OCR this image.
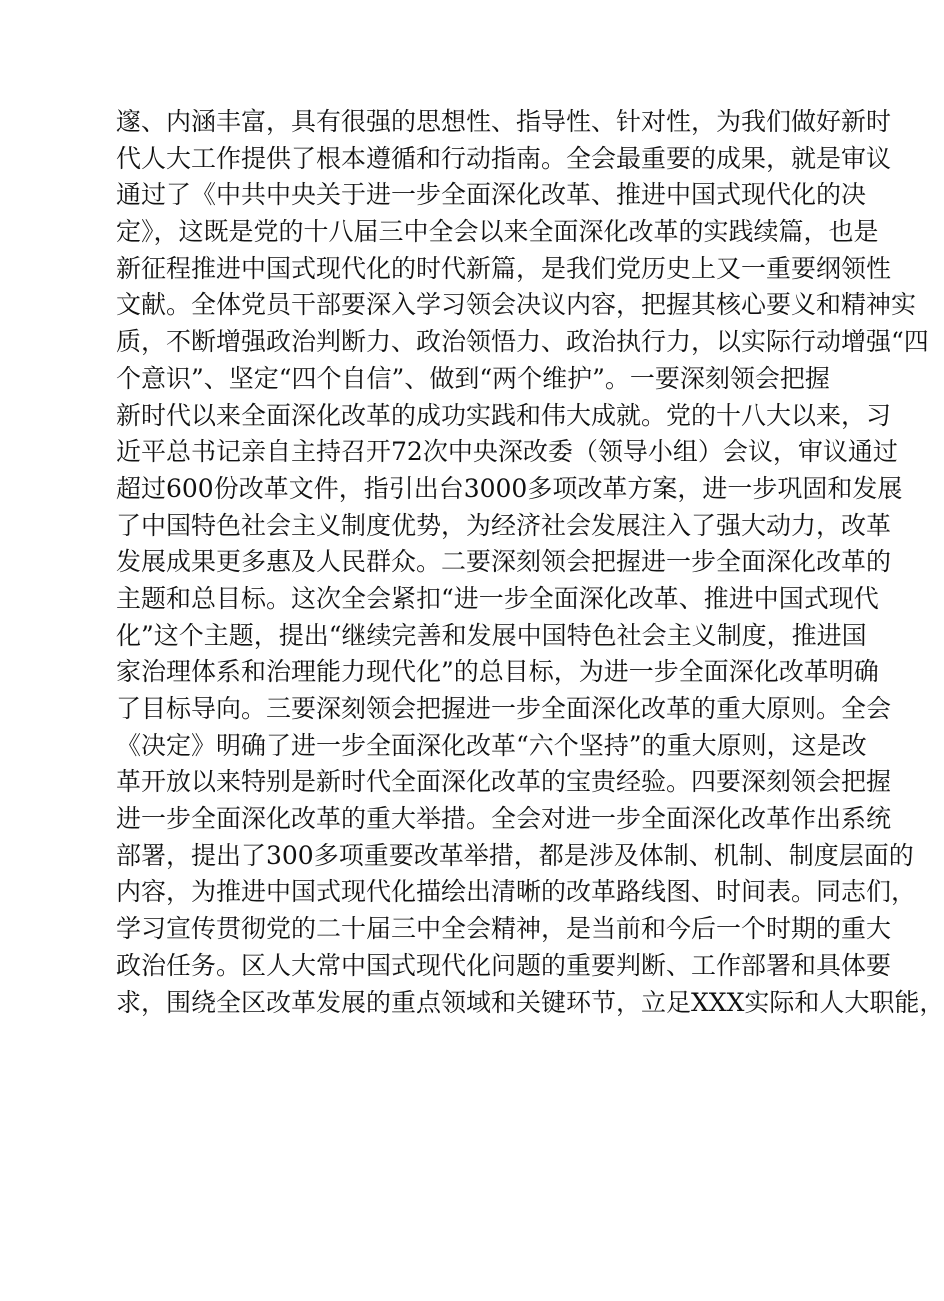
邃、内涵丰富，具有很强的思想性、指导性、针对性，为我们做好新时
代人大工作提供了根本遵循和行动指南。全会最重要的成果，就是审议
通过了《中共中央关于进一步全面深化改革、推进中国式现代化的决
定》，这既是党的十八届三中全会以来全面深化改革的实践续篇，也是
新征程推进中国式现代化的时代新篇，是我们党历史上又一重要纲领性
文献。全体党员干部要深入学习领会决议内容，把握其核心要义和精神实
质，不断增强政治判断力、政治领悟力、政治执行力，以实际行动增强“四
个意识”、坚定“四个自信”、做到“两个维护”。一要深刻领会把握
新时代以来全面深化改革的成功实践和伟大成就。党的十八大以来，习
近平总书记亲自主持召开72次中央深改委（领导小组）会议，审议通过
超过600份改革文件，指引出台3000多项改革方案，进一步巩固和发展
了中国特色社会主义制度优势，为经济社会发展注入了强大动力，改革
发展成果更多惠及人民群众。二要深刻领会把握进一步全面深化改革的
主题和总目标。这次全会紧扣“进一步全面深化改革、推进中国式现代
化”这个主题，提出“继续完善和发展中国特色社会主义制度，推进国
家治理体系和治理能力现代化”的总目标，为进一步全面深化改革明确
了目标导向。三要深刻领会把握进一步全面深化改革的重大原则。全会
《决定》明确了进一步全面深化改革“六个坚持”的重大原则，这是改
革开放以来特别是新时代全面深化改革的宝贵经验。四要深刻领会把握
进一步全面深化改革的重大举措。全会对进一步全面深化改革作出系统
部署，提出了300多项重要改革举措，都是涉及体制、机制、制度层面的
内容，为推进中国式现代化描绘出清晰的改革路线图、时间表。同志们，
学习宣传贯彻党的二十届三中全会精神，是当前和今后一个时期的重大
政治任务。区人大常中国式现代化问题的重要判断、工作部署和具体要
求，围绕全区改革发展的重点领域和关键环节，立足XXX实际和人大职能，
